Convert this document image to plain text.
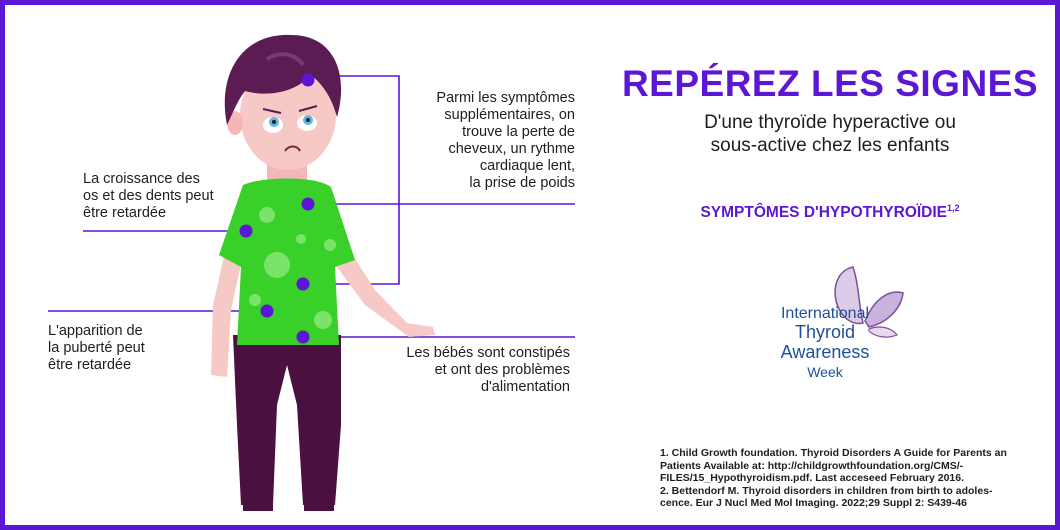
Parmi les symptômes
supplémentaires, on
trouve la perte de
cheveux, un rythme
cardiaque lent,
la prise de poids
La croissance des
os et des dents peut
être retardée
L'apparition de
la puberté peut
être retardée
Les bébés sont constipés
et ont des problèmes
d'alimentation
REPÉREZ LES SIGNES
D'une thyroïde hyperactive ou
sous-active chez les enfants
SYMPTÔMES D'HYPOTHYROÏDIE$^{1,2}$
International
Thyroid
Awareness
Week
1. Child Growth foundation. Thyroid Disorders A Guide for Parents an
Patients Available at: http://childgrowthfoundation.org/CMS/-
FILES/15_Hypothyroidism.pdf. Last acceseed February 2016.
2. Bettendorf M. Thyroid disorders in children from birth to adoles-
cence. Eur J Nucl Med Mol Imaging. 2022;29 Suppl 2: S439-46
